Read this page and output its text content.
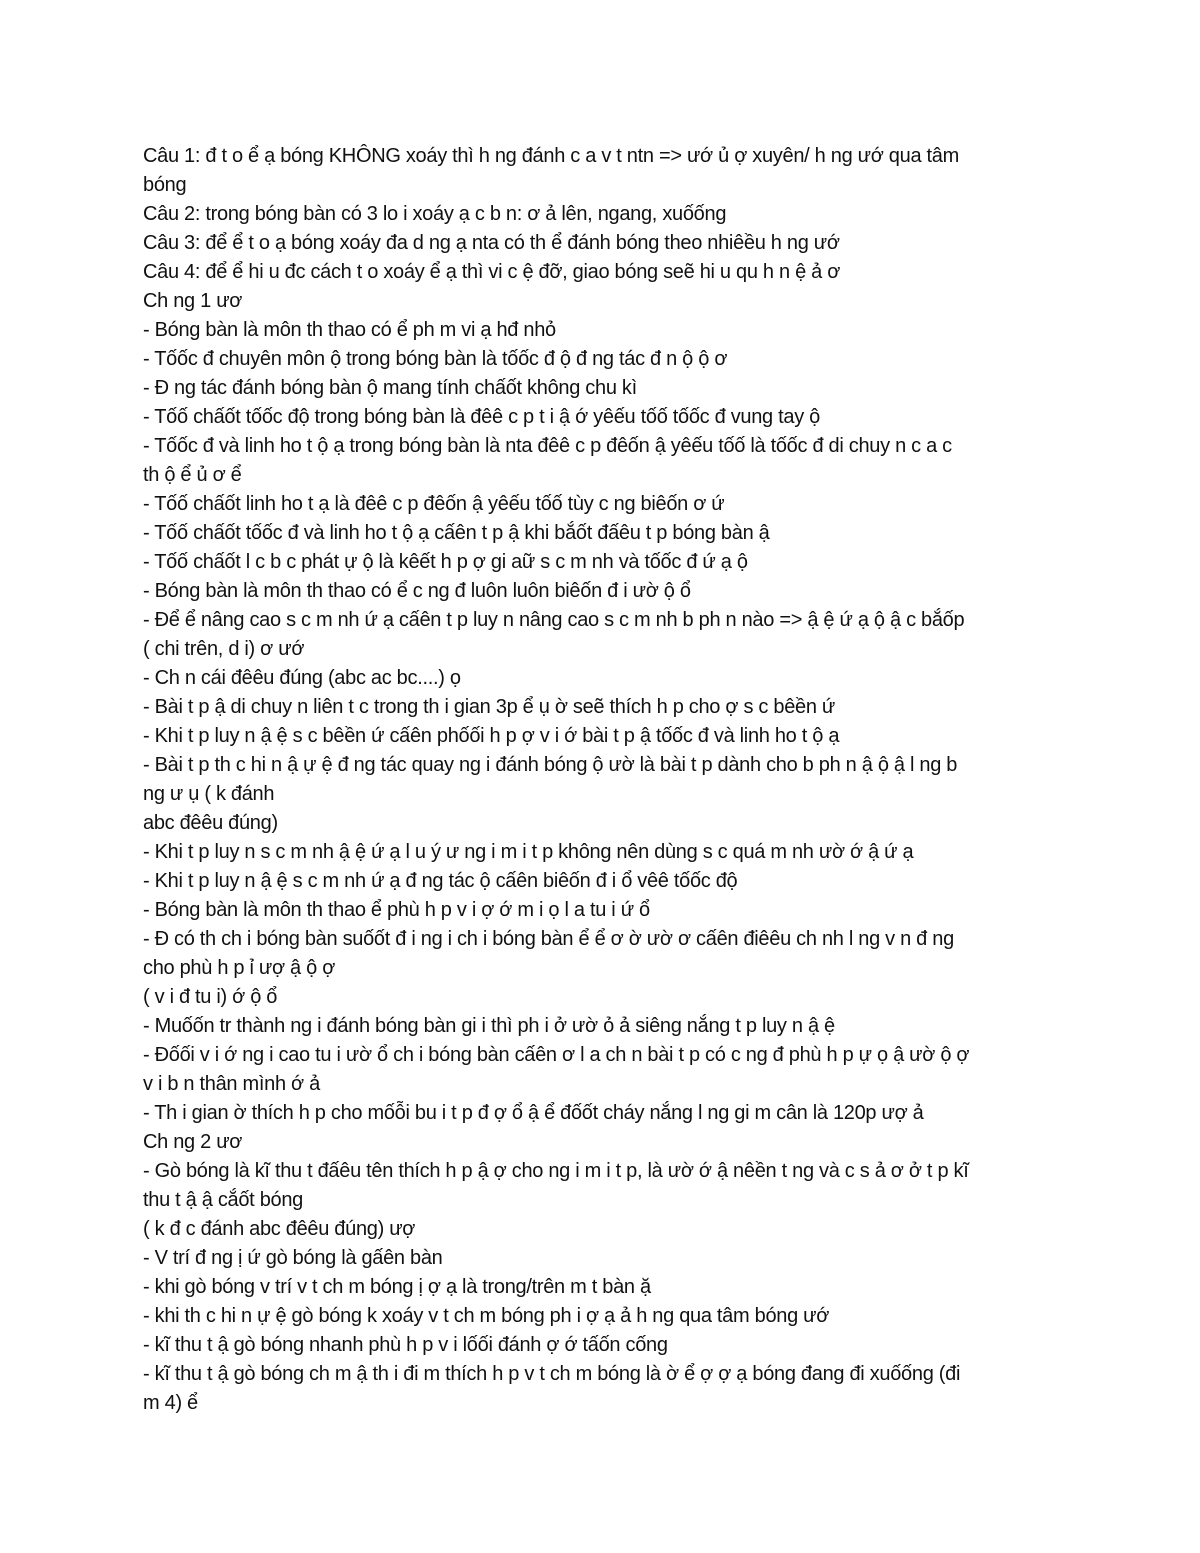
Câu 1: đ t o ể ạ bóng KHÔNG xoáy thì h ng đánh c a v t ntn => ướ ủ ợ xuyên/ h ng ướ qua tâm
bóng
Câu 2: trong bóng bàn có 3 lo i xoáy ạ c b n: ơ ả lên, ngang, xuốống
Câu 3: để ể t o ạ bóng xoáy đa d ng ạ nta có th ể đánh bóng theo nhiêều h ng ướ
Câu 4: để ể hi u đc cách t o xoáy ể ạ thì vi c ệ đỡ, giao bóng seẽ hi u qu h n ệ ả ơ
Ch ng 1 ươ
- Bóng bàn là môn th thao có ể ph m vi ạ hđ nhỏ
- Tốốc đ chuyên môn ộ trong bóng bàn là tốốc đ ộ đ ng tác đ n ộ ộ ơ
- Đ ng tác đánh bóng bàn ộ mang tính chấốt không chu kì
- Tốố chấốt tốốc độ trong bóng bàn là đêê c p t i ậ ớ yêếu tốố tốốc đ vung tay ộ
- Tốốc đ và linh ho t ộ ạ trong bóng bàn là nta đêê c p đêốn ậ yêếu tốố là tốốc đ di chuy n c a c
th ộ ể ủ ơ ể
- Tốố chấốt linh ho t ạ là đêê c p đêốn ậ yêếu tốố tùy c ng biêốn ơ ứ
- Tốố chấốt tốốc đ và linh ho t ộ ạ cấên t p ậ khi bắốt đấêu t p bóng bàn ậ
- Tốố chấốt l c b c phát ự ộ là kêết h p ợ gi aữ s c m nh và tốốc đ ứ ạ ộ
- Bóng bàn là môn th thao có ể c ng đ luôn luôn biêốn đ i ườ ộ ổ
- Để ể nâng cao s c m nh ứ ạ cấên t p luy n nâng cao s c m nh b ph n nào => ậ ệ ứ ạ ộ ậ c bắốp
( chi trên, d i) ơ ướ
- Ch n cái đêêu đúng (abc ac bc....) ọ
- Bài t p ậ di chuy n liên t c trong th i gian 3p ể ụ ờ seẽ thích h p cho ợ s c bêền ứ
- Khi t p luy n ậ ệ s c bêền ứ cấên phốối h p ợ v i ớ bài t p ậ tốốc đ và linh ho t ộ ạ
- Bài t p th c hi n ậ ự ệ đ ng tác quay ng i đánh bóng ộ ườ là bài t p dành cho b ph n ậ ộ ậ l ng b
ng ư ụ ( k đánh
abc đêêu đúng)
- Khi t p luy n s c m nh ậ ệ ứ ạ l u ý ư ng i m i t p không nên dùng s c quá m nh ườ ớ ậ ứ ạ
- Khi t p luy n ậ ệ s c m nh ứ ạ đ ng tác ộ cấên biêốn đ i ổ vêê tốốc độ
- Bóng bàn là môn th thao ể phù h p v i ợ ớ m i ọ l a tu i ứ ổ
- Đ có th ch i bóng bàn suốốt đ i ng i ch i bóng bàn ể ể ơ ờ ườ ơ cấên điêêu ch nh l ng v n đ ng
cho phù h p ỉ ượ ậ ộ ợ
( v i đ tu i) ớ ộ ổ
- Muốốn tr thành ng i đánh bóng bàn gi i thì ph i ở ườ ỏ ả siêng nắng t p luy n ậ ệ
- Đốối v i ớ ng i cao tu i ườ ổ ch i bóng bàn cấên ơ l a ch n bài t p có c ng đ phù h p ự ọ ậ ườ ộ ợ
v i b n thân mình ớ ả
- Th i gian ờ thích h p cho mốỗi bu i t p đ ợ ổ ậ ể đốốt cháy nắng l ng gi m cân là 120p ượ ả
Ch ng 2 ươ
- Gò bóng là kĩ thu t đấêu tên thích h p ậ ợ cho ng i m i t p, là ườ ớ ậ nêền t ng và c s ả ơ ở t p kĩ
thu t ậ ậ cắốt bóng
( k đ c đánh abc đêêu đúng) ượ
- V trí đ ng ị ứ gò bóng là gấên bàn
- khi gò bóng v trí v t ch m bóng ị ợ ạ là trong/trên m t bàn ặ
- khi th c hi n ự ệ gò bóng k xoáy v t ch m bóng ph i ợ ạ ả h ng qua tâm bóng ướ
- kĩ thu t ậ gò bóng nhanh phù h p v i lốối đánh ợ ớ tấốn cống
- kĩ thu t ậ gò bóng ch m ậ th i đi m thích h p v t ch m bóng là ờ ể ợ ợ ạ bóng đang đi xuốống (đi
m 4) ể
